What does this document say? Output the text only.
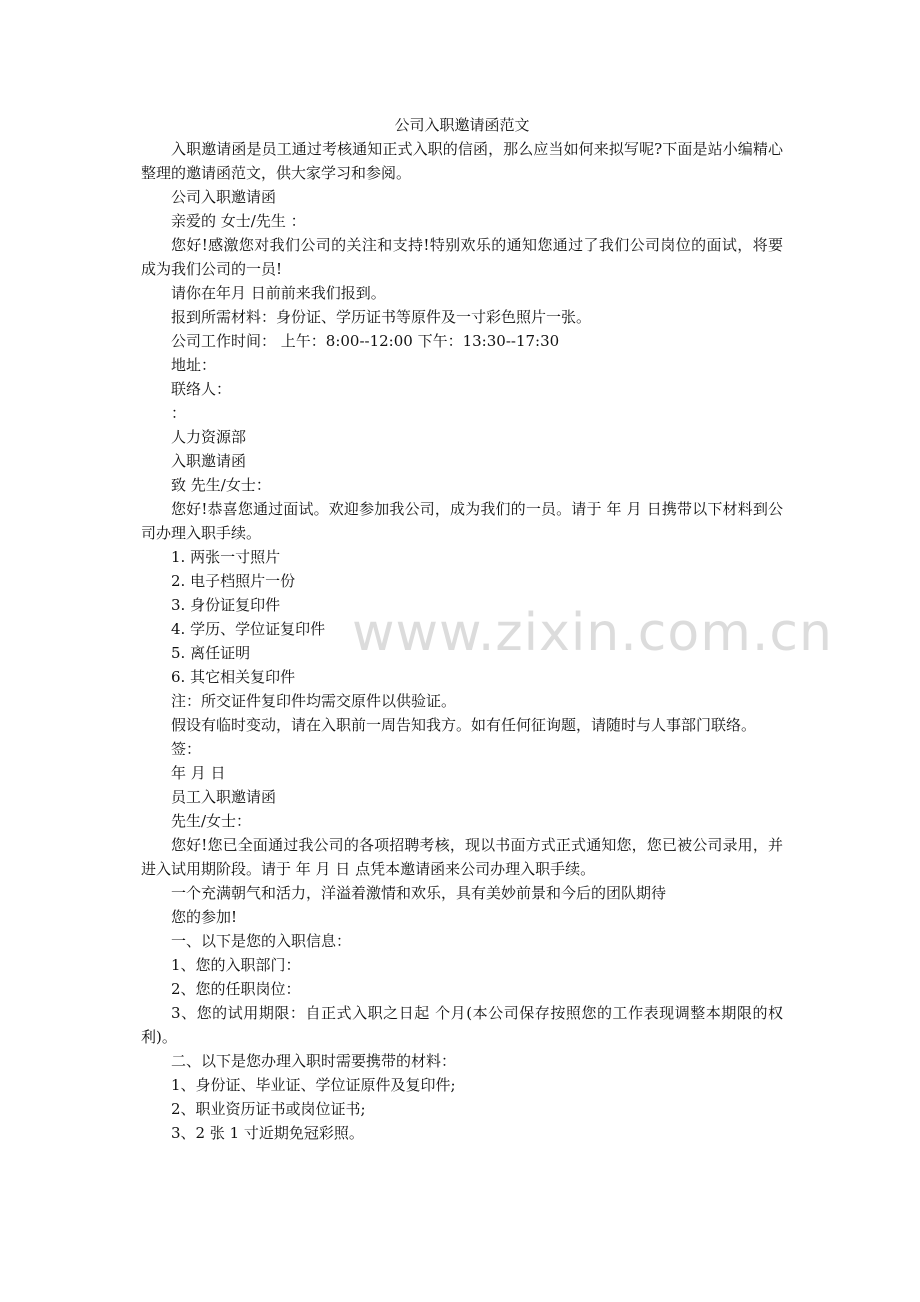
公司入职邀请函范文

入职邀请函是员工通过考核通知正式入职的信函，那么应当如何来拟写呢?下面是站小编精心整理的邀请函范文，供大家学习和参阅。

公司入职邀请函

亲爱的 女士/先生 ：

您好!感激您对我们公司的关注和支持!特别欢乐的通知您通过了我们公司岗位的面试，将要成为我们公司的一员!

请你在年月 日前前来我们报到。

报到所需材料：身份证、学历证书等原件及一寸彩色照片一张。

公司工作时间： 上午：8:00--12:00 下午：13:30--17:30

地址：

联络人：

：

人力资源部

入职邀请函

致 先生/女士：

您好!恭喜您通过面试。欢迎参加我公司，成为我们的一员。请于 年 月 日携带以下材料到公司办理入职手续。

1. 两张一寸照片

2. 电子档照片一份

3. 身份证复印件

4. 学历、学位证复印件

5. 离任证明

6. 其它相关复印件

注：所交证件复印件均需交原件以供验证。

假设有临时变动，请在入职前一周告知我方。如有任何征询题，请随时与人事部门联络。

签：

年 月 日

员工入职邀请函

先生/女士：

您好!您已全面通过我公司的各项招聘考核，现以书面方式正式通知您，您已被公司录用，并进入试用期阶段。请于 年 月 日 点凭本邀请函来公司办理入职手续。

一个充满朝气和活力，洋溢着激情和欢乐，具有美妙前景和今后的团队期待

您的参加!

一、以下是您的入职信息：

1、您的入职部门：

2、您的任职岗位：

3、您的试用期限：自正式入职之日起 个月(本公司保存按照您的工作表现调整本期限的权利)。

二、以下是您办理入职时需要携带的材料：

1、身份证、毕业证、学位证原件及复印件;

2、职业资历证书或岗位证书;

3、2 张 1 寸近期免冠彩照。

www.zixin.com.cn
